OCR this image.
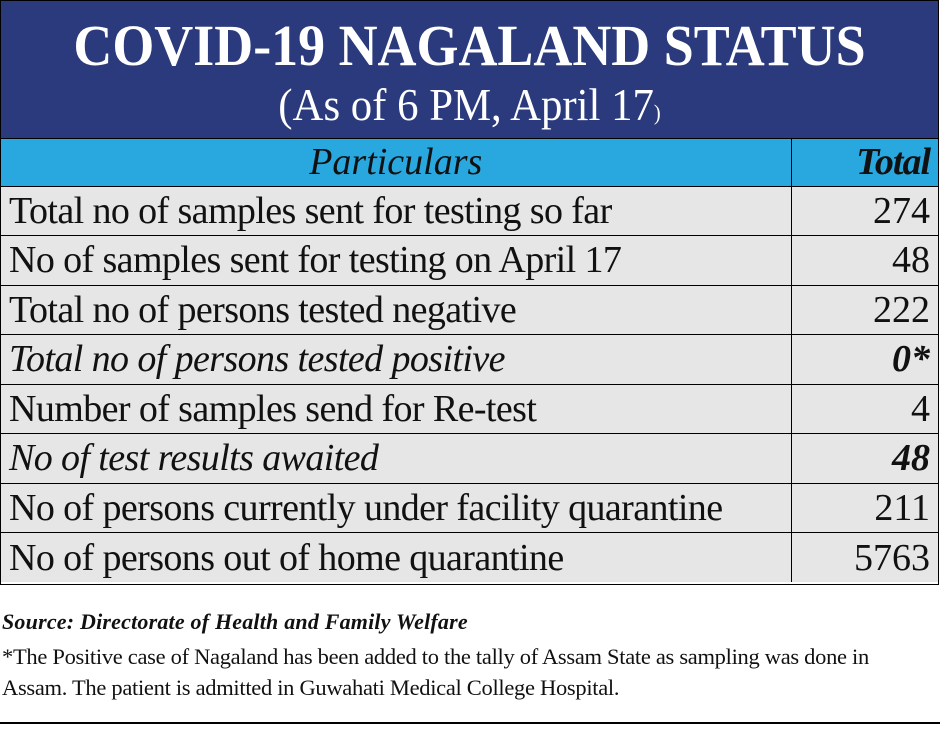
COVID-19 NAGALAND STATUS
(As of 6 PM, April 17)
Particulars	Total
Total no of samples sent for testing so far	274
No of samples sent for testing on April 17	48
Total no of persons tested negative	222
Total no of persons tested positive	0*
Number of samples send for Re-test	4
No of test results awaited	48
No of persons currently under facility quarantine	211
No of persons out of home quarantine	5763
Source: Directorate of Health and Family Welfare
*The Positive case of Nagaland has been added to the tally of Assam State as sampling was done in Assam. The patient is admitted in Guwahati Medical College Hospital.
